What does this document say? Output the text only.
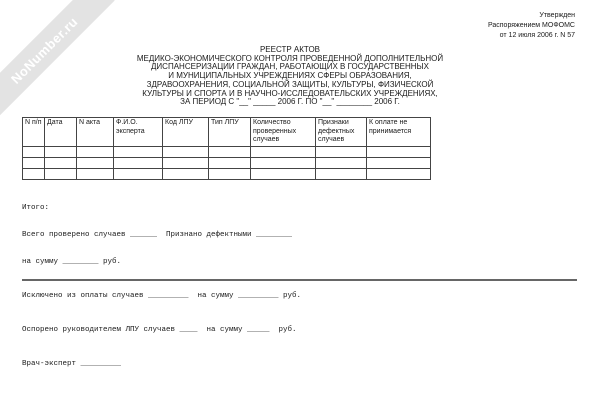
NoNumber.ru	Утвержден
Распоряжением МОФОМС
от 12 июля 2006 г. N 57
РЕЕСТР АКТОВ
МЕДИКО-ЭКОНОМИЧЕСКОГО КОНТРОЛЯ ПРОВЕДЕННОЙ ДОПОЛНИТЕЛЬНОЙ
ДИСПАНСЕРИЗАЦИИ ГРАЖДАН, РАБОТАЮЩИХ В ГОСУДАРСТВЕННЫХ
И МУНИЦИПАЛЬНЫХ УЧРЕЖДЕНИЯХ СФЕРЫ ОБРАЗОВАНИЯ,
ЗДРАВООХРАНЕНИЯ, СОЦИАЛЬНОЙ ЗАЩИТЫ, КУЛЬТУРЫ, ФИЗИЧЕСКОЙ
КУЛЬТУРЫ И СПОРТА И В НАУЧНО-ИССЛЕДОВАТЕЛЬСКИХ УЧРЕЖДЕНИЯХ,
ЗА ПЕРИОД С "__" _____ 2006 Г. ПО "__" ________ 2006 Г.
N п/п	Дата	N акта	Ф.И.О. эксперта	Код ЛПУ	Тип ЛПУ	Количество проверенных случаев	Признаки дефектных случаев	К оплате не принимается

Итого:

Всего проверено случаев ______  Признано дефектными ________

на сумму ________ руб.

Исключено из оплаты случаев _________  на сумму _________ руб.

Оспорено руководителем ЛПУ случаев ____  на сумму _____  руб.

Врач-эксперт _________
